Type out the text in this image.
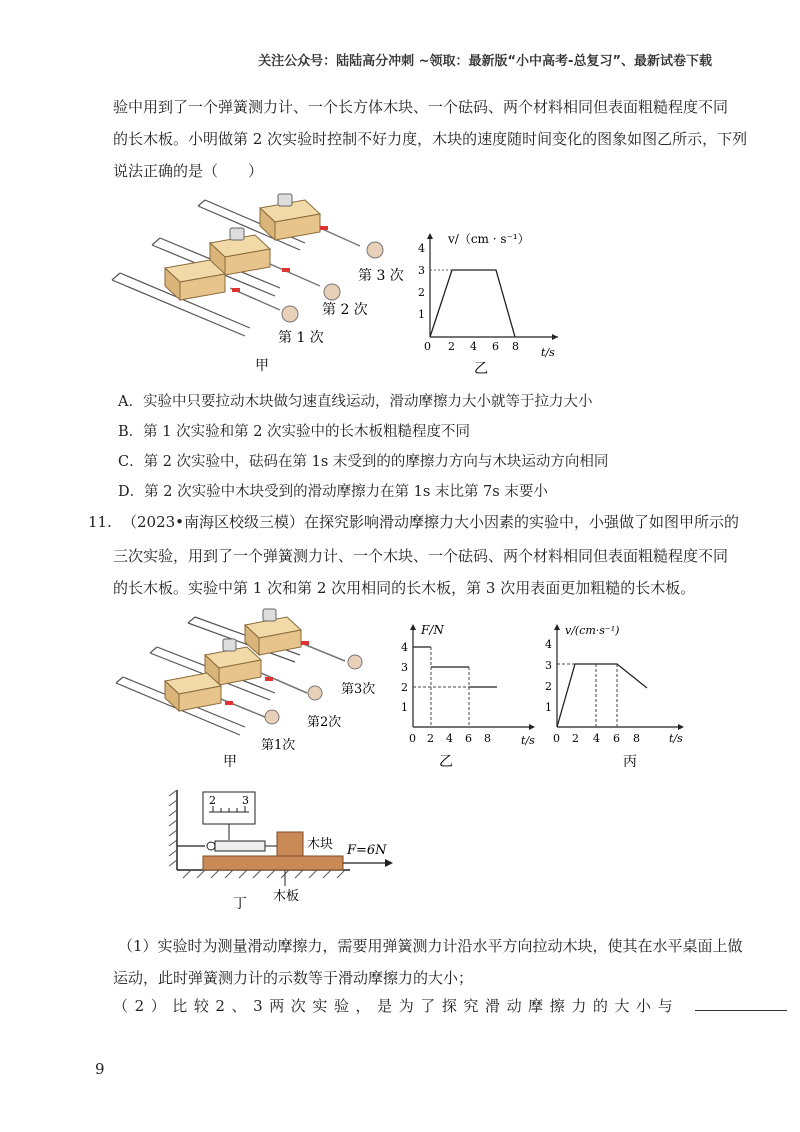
关注公众号：陆陆高分冲刺 ~领取：最新版“小中高考-总复习”、最新试卷下载
验中用到了一个弹簧测力计、一个长方体木块、一个砝码、两个材料相同但表面粗糙程度不同
的长木板。小明做第 2 次实验时控制不好力度，木块的速度随时间变化的图象如图乙所示，下列
说法正确的是（　　）
第 3 次
第 2 次
第 1 次
甲
v/（cm · s⁻¹）
t/s
1
2
3
4
0 2 4 6 8
乙
A．实验中只要拉动木块做匀速直线运动，滑动摩擦力大小就等于拉力大小
B．第 1 次实验和第 2 次实验中的长木板粗糙程度不同
C．第 2 次实验中，砝码在第 1s 末受到的的摩擦力方向与木块运动方向相同
D．第 2 次实验中木块受到的滑动摩擦力在第 1s 末比第 7s 末要小
11. （2023•南海区校级三模）在探究影响滑动摩擦力大小因素的实验中，小强做了如图甲所示的
三次实验，用到了一个弹簧测力计、一个木块、一个砝码、两个材料相同但表面粗糙程度不同
的长木板。实验中第 1 次和第 2 次用相同的长木板，第 3 次用表面更加粗糙的长木板。
第3次
第2次
第1次
甲
F/N
t/s
1
2
3
4
0 2 4 6 8
乙
v/(cm·s⁻¹)
t/s
1
2
3
4
0 2 4 6 8
丙
2 3
F=6N
木块
木板
丁
（1）实验时为测量滑动摩擦力，需要用弹簧测力计沿水平方向拉动木块，使其在水平桌面上做
运动，此时弹簧测力计的示数等于滑动摩擦力的大小；
（ 2 ） 比 较 2 、 3 两 次 实 验 ， 是 为 了 探 究 滑 动 摩 擦 力 的 大 小 与
9
